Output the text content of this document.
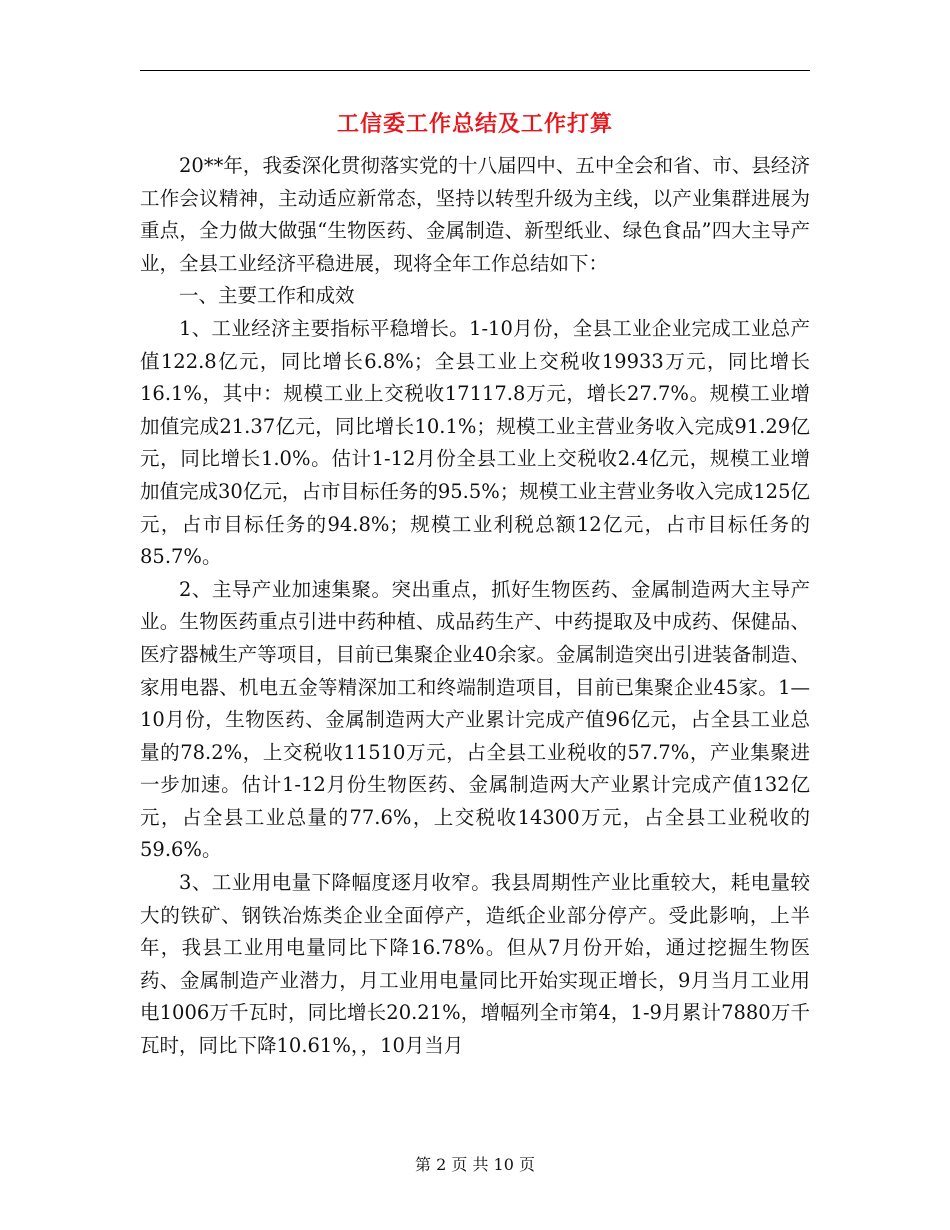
工信委工作总结及工作打算

20**年，我委深化贯彻落实党的十八届四中、五中全会和省、市、县经济工作会议精神，主动适应新常态，坚持以转型升级为主线，以产业集群进展为重点，全力做大做强“生物医药、金属制造、新型纸业、绿色食品”四大主导产业，全县工业经济平稳进展，现将全年工作总结如下：

一、主要工作和成效

1、工业经济主要指标平稳增长。1-10月份，全县工业企业完成工业总产值122.8亿元，同比增长6.8%；全县工业上交税收19933万元，同比增长16.1%，其中：规模工业上交税收17117.8万元，增长27.7%。规模工业增加值完成21.37亿元，同比增长10.1%；规模工业主营业务收入完成91.29亿元，同比增长1.0%。估计1-12月份全县工业上交税收2.4亿元，规模工业增加值完成30亿元，占市目标任务的95.5%；规模工业主营业务收入完成125亿元，占市目标任务的94.8%；规模工业利税总额12亿元，占市目标任务的85.7%。

2、主导产业加速集聚。突出重点，抓好生物医药、金属制造两大主导产业。生物医药重点引进中药种植、成品药生产、中药提取及中成药、保健品、医疗器械生产等项目，目前已集聚企业40余家。金属制造突出引进装备制造、家用电器、机电五金等精深加工和终端制造项目，目前已集聚企业45家。1—10月份，生物医药、金属制造两大产业累计完成产值96亿元，占全县工业总量的78.2%，上交税收11510万元，占全县工业税收的57.7%，产业集聚进一步加速。估计1-12月份生物医药、金属制造两大产业累计完成产值132亿元，占全县工业总量的77.6%，上交税收14300万元，占全县工业税收的59.6%。

3、工业用电量下降幅度逐月收窄。我县周期性产业比重较大，耗电量较大的铁矿、钢铁冶炼类企业全面停产，造纸企业部分停产。受此影响，上半年，我县工业用电量同比下降16.78%。但从7月份开始，通过挖掘生物医药、金属制造产业潜力，月工业用电量同比开始实现正增长，9月当月工业用电1006万千瓦时，同比增长20.21%，增幅列全市第4，1-9月累计7880万千瓦时，同比下降10.61%，，10月当月

第 2 页 共 10 页
